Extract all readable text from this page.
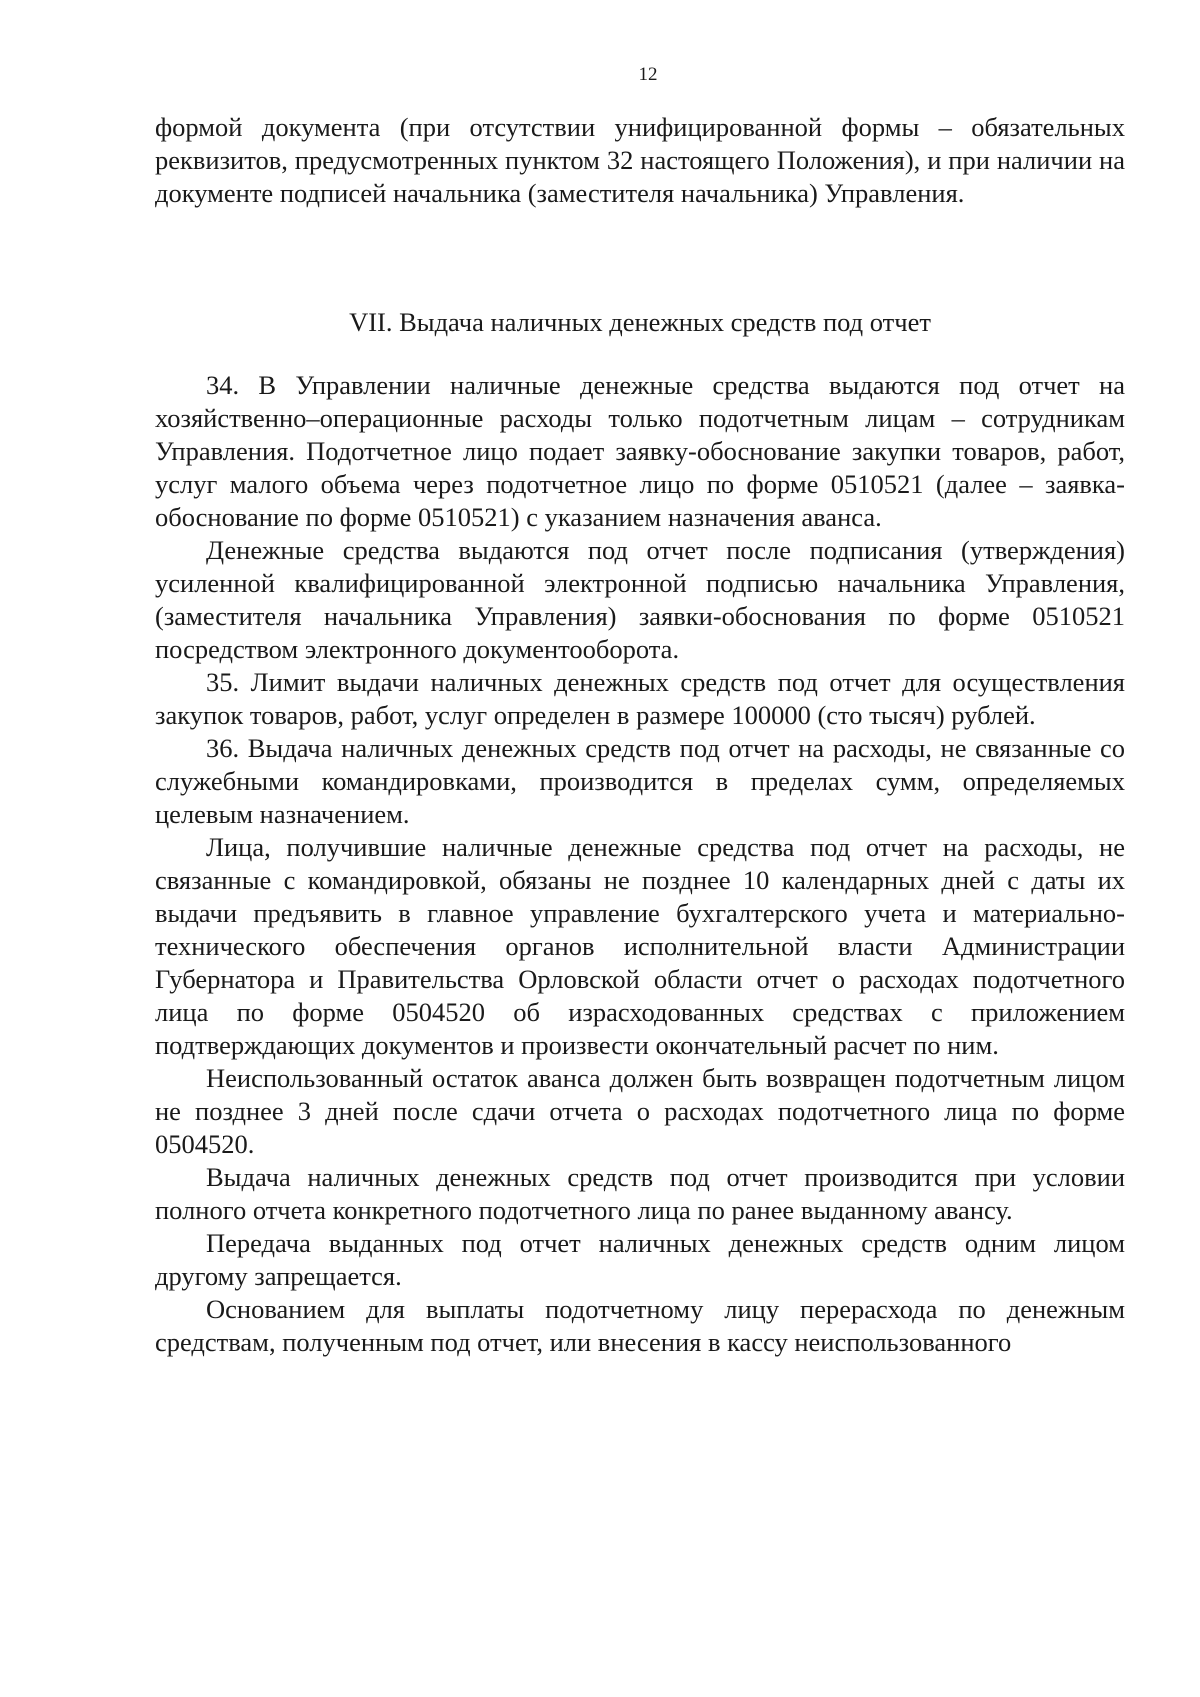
12

формой документа (при отсутствии унифицированной формы – обязательных реквизитов, предусмотренных пунктом 32 настоящего Положения), и при наличии на документе подписей начальника (заместителя начальника) Управления.

VII. Выдача наличных денежных средств под отчет

34. В Управлении наличные денежные средства выдаются под отчет на хозяйственно–операционные расходы только подотчетным лицам – сотрудникам Управления. Подотчетное лицо подает заявку-обоснование закупки товаров, работ, услуг малого объема через подотчетное лицо по форме 0510521 (далее – заявка-обоснование по форме 0510521) с указанием назначения аванса.

Денежные средства выдаются под отчет после подписания (утверждения) усиленной квалифицированной электронной подписью начальника Управления, (заместителя начальника Управления) заявки-обоснования по форме 0510521 посредством электронного документооборота.

35. Лимит выдачи наличных денежных средств под отчет для осуществления закупок товаров, работ, услуг определен в размере 100000 (сто тысяч) рублей.

36. Выдача наличных денежных средств под отчет на расходы, не связанные со служебными командировками, производится в пределах сумм, определяемых целевым назначением.

Лица, получившие наличные денежные средства под отчет на расходы, не связанные с командировкой, обязаны не позднее 10 календарных дней с даты их выдачи предъявить в главное управление бухгалтерского учета и материально-технического обеспечения органов исполнительной власти Администрации Губернатора и Правительства Орловской области отчет о расходах подотчетного лица по форме 0504520 об израсходованных средствах с приложением подтверждающих документов и произвести окончательный расчет по ним.

Неиспользованный остаток аванса должен быть возвращен подотчетным лицом не позднее 3 дней после сдачи отчета о расходах подотчетного лица по форме 0504520.

Выдача наличных денежных средств под отчет производится при условии полного отчета конкретного подотчетного лица по ранее выданному авансу.

Передача выданных под отчет наличных денежных средств одним лицом другому запрещается.

Основанием для выплаты подотчетному лицу перерасхода по денежным средствам, полученным под отчет, или внесения в кассу неиспользованного
